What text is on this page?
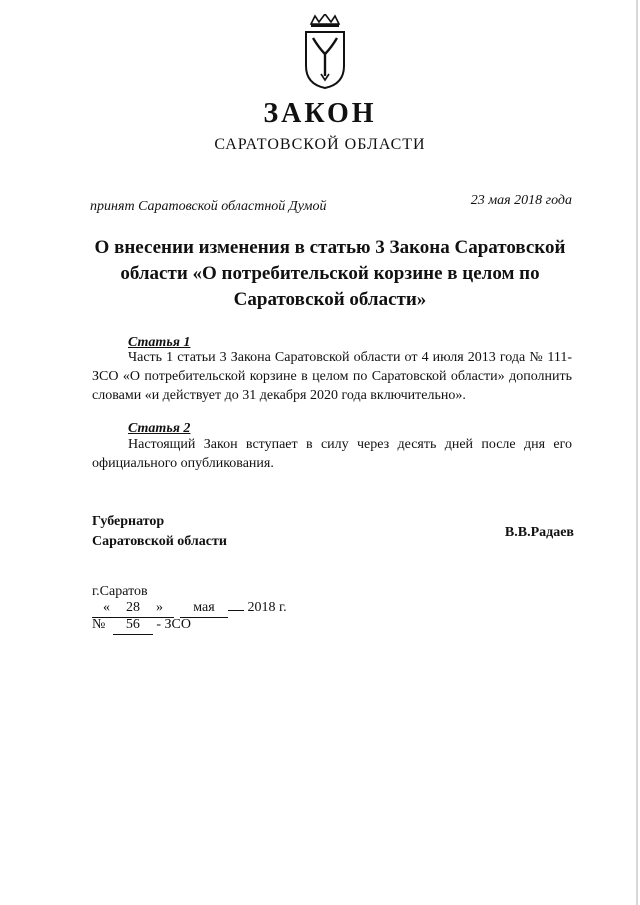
ЗАКОН
САРАТОВСКОЙ ОБЛАСТИ
принят Саратовской областной Думой	23 мая 2018 года
О внесении изменения в статью 3 Закона Саратовской
области «О потребительской корзине в целом по
Саратовской области»
Статья 1
Часть 1 статьи 3 Закона Саратовской области от 4 июля 2013 года № 111-ЗСО «О потребительской корзине в целом по Саратовской области» дополнить словами «и действует до 31 декабря 2020 года включительно».
Статья 2
Настоящий Закон вступает в силу через десять дней после дня его официального опубликования.
Губернатор
Саратовской области
В.В.Радаев
г.Саратов
« 28 » мая 2018 г.
№ 56 - ЗСО
